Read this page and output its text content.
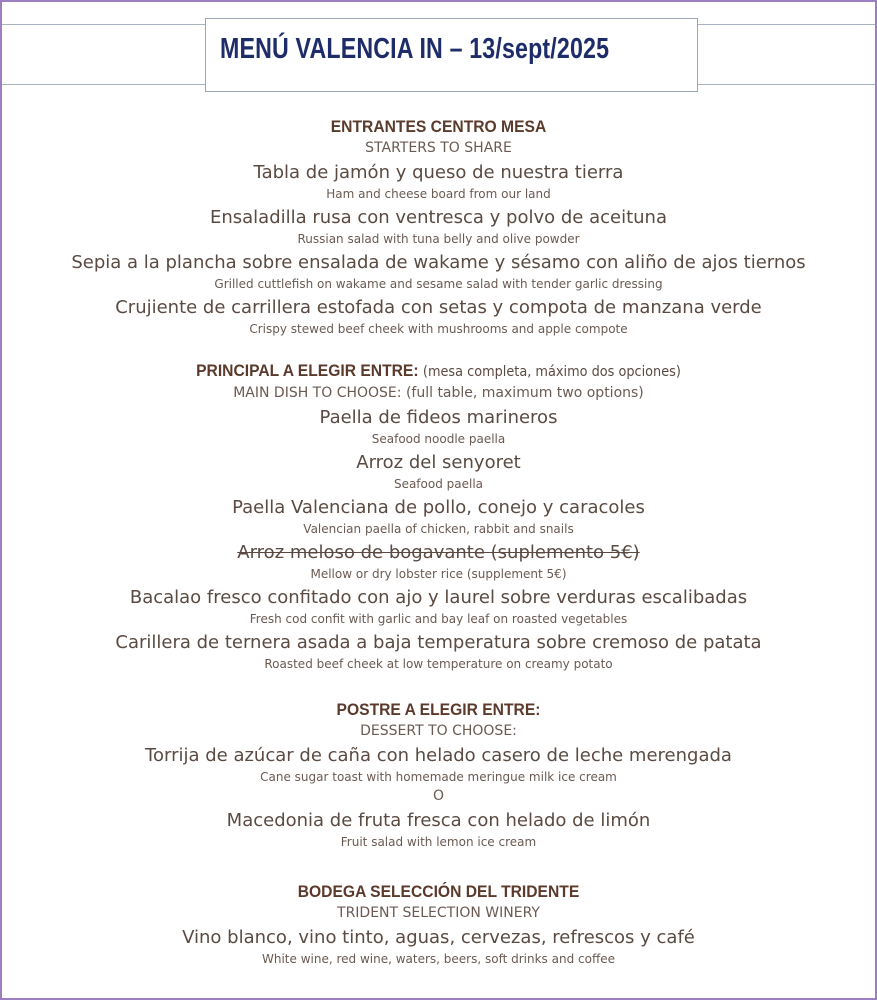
MENÚ VALENCIA IN – 13/sept/2025
ENTRANTES CENTRO MESA
STARTERS TO SHARE
Tabla de jamón y queso de nuestra tierra
Ham and cheese board from our land
Ensaladilla rusa con ventresca y polvo de aceituna
Russian salad with tuna belly and olive powder
Sepia a la plancha sobre ensalada de wakame y sésamo con aliño de ajos tiernos
Grilled cuttlefish on wakame and sesame salad with tender garlic dressing
Crujiente de carrillera estofada con setas y compota de manzana verde
Crispy stewed beef cheek with mushrooms and apple compote
PRINCIPAL A ELEGIR ENTRE: (mesa completa, máximo dos opciones)
MAIN DISH TO CHOOSE: (full table, maximum two options)
Paella de fideos marineros
Seafood noodle paella
Arroz del senyoret
Seafood paella
Paella Valenciana de pollo, conejo y caracoles
Valencian paella of chicken, rabbit and snails
Arroz meloso de bogavante (suplemento 5€)
Mellow or dry lobster rice (supplement 5€)
Bacalao fresco confitado con ajo y laurel sobre verduras escalibadas
Fresh cod confit with garlic and bay leaf on roasted vegetables
Carillera de ternera asada a baja temperatura sobre cremoso de patata
Roasted beef cheek at low temperature on creamy potato
POSTRE A ELEGIR ENTRE:
DESSERT TO CHOOSE:
Torrija de azúcar de caña con helado casero de leche merengada
Cane sugar toast with homemade meringue milk ice cream
O
Macedonia de fruta fresca con helado de limón
Fruit salad with lemon ice cream
BODEGA SELECCIÓN DEL TRIDENTE
TRIDENT SELECTION WINERY
Vino blanco, vino tinto, aguas, cervezas, refrescos y café
White wine, red wine, waters, beers, soft drinks and coffee
